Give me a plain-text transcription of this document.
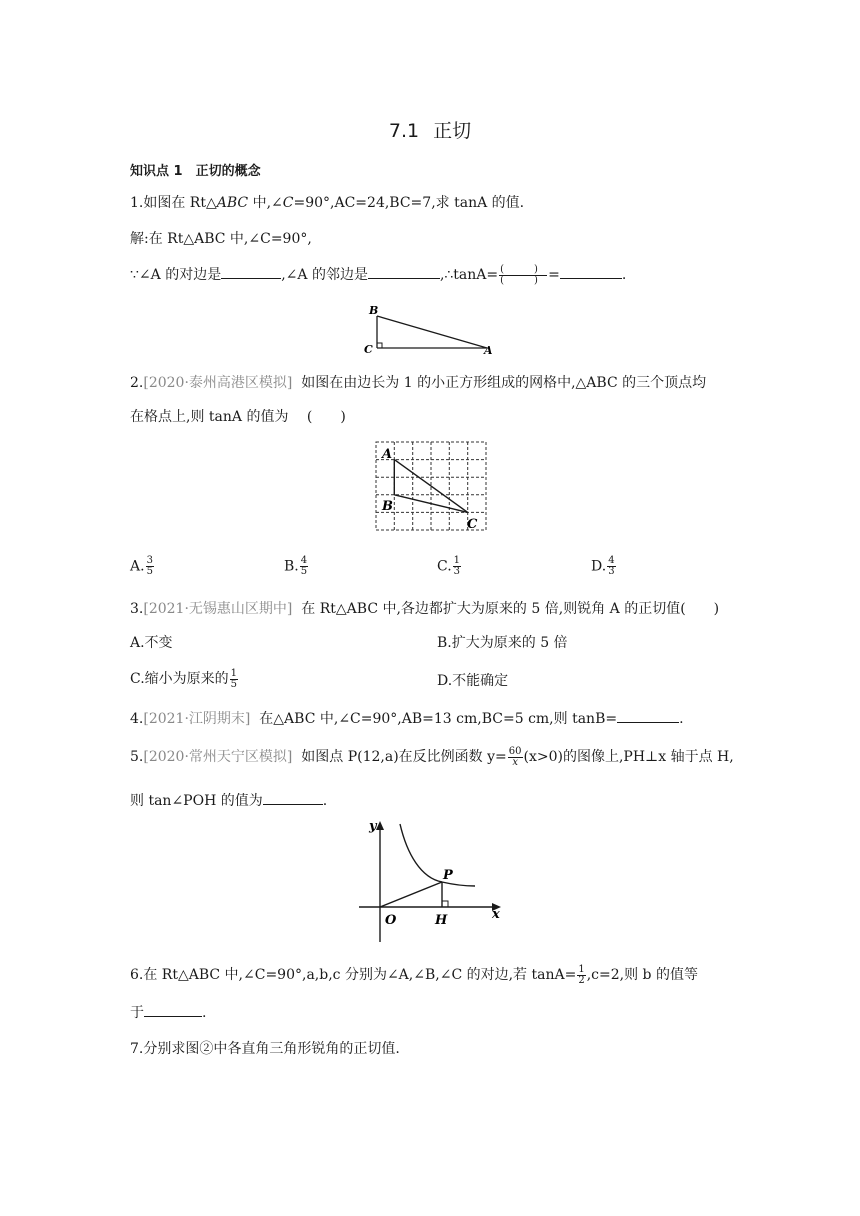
7.1 正切
知识点 1　正切的概念
1.如图在 Rt△ABC 中,∠C=90°,AC=24,BC=7,求 tanA 的值.
解:在 Rt△ABC 中,∠C=90°,
∵∠A 的对边是	,∠A 的邻边是	,∴tanA= $\frac{( )}{( )}$ =	.
B
C	A
2.[2020·泰州高港区模拟] 如图在由边长为 1 的小正方形组成的网格中,△ABC 的三个顶点均
在格点上,则 tanA 的值为　 (　　)
A
B
C
A. $\frac{3}{5}$	B. $\frac{4}{5}$	C. $\frac{1}{3}$	D. $\frac{4}{3}$
3.[2021·无锡惠山区期中] 在 Rt△ABC 中,各边都扩大为原来的 5 倍,则锐角 A 的正切值(　　)
A.不变	B.扩大为原来的 5 倍
C.缩小为原来的 $\frac{1}{5}$	D.不能确定
4.[2021·江阴期末] 在△ABC 中,∠C=90°,AB=13 cm,BC=5 cm,则 tanB=	.
5.[2020·常州天宁区模拟] 如图点 P(12,a)在反比例函数 $y= \frac{60}{x} (x>0)$的图像上,PH⊥x 轴于点 H,
则 tan∠POH 的值为	.
y
x
O	H
P
6.在 Rt△ABC 中,∠C=90°,a,b,c 分别为∠A,∠B,∠C 的对边,若 $\tan A= \frac{1}{2} ,c=2$,则 b 的值等
于	.
7.分别求图②中各直角三角形锐角的正切值.
